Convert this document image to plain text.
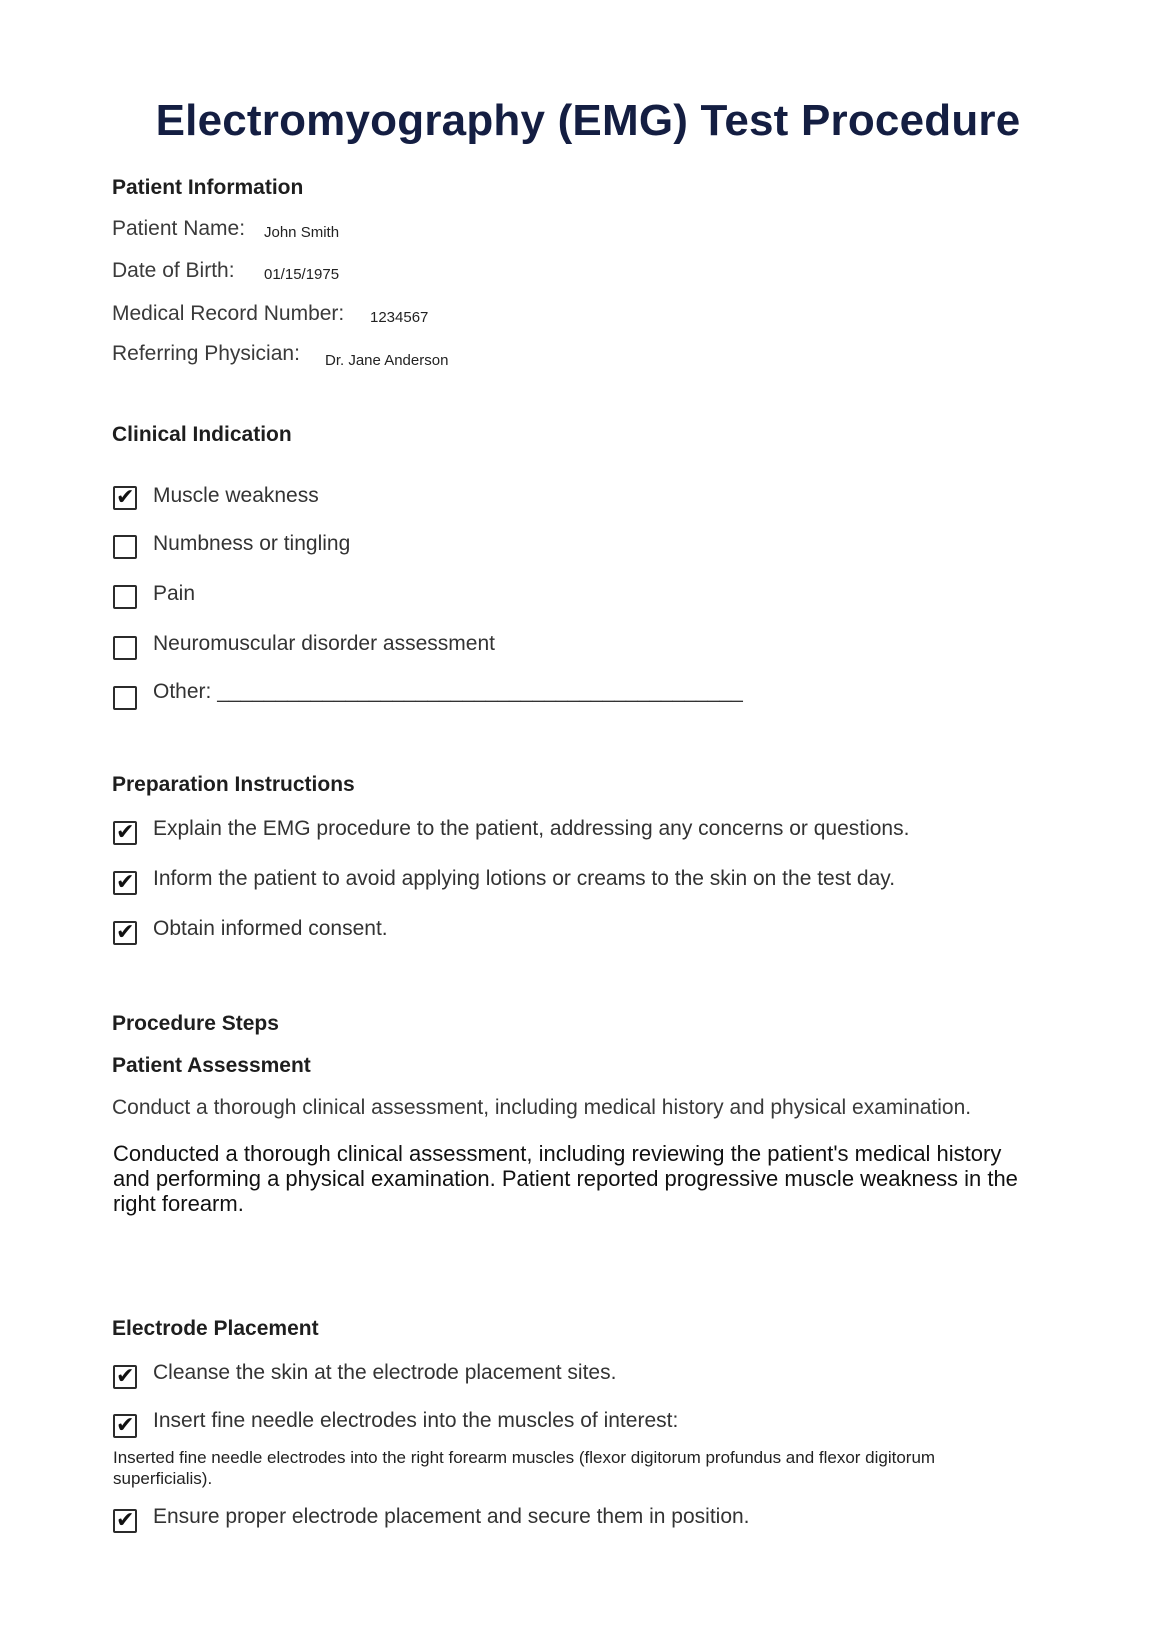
Electromyography (EMG) Test Procedure
Patient Information
Patient Name: John Smith
Date of Birth: 01/15/1975
Medical Record Number: 1234567
Referring Physician: Dr. Jane Anderson
Clinical Indication
✔ Muscle weakness
Numbness or tingling
Pain
Neuromuscular disorder assessment
Other: _____________________________________________
Preparation Instructions
✔ Explain the EMG procedure to the patient, addressing any concerns or questions.
✔ Inform the patient to avoid applying lotions or creams to the skin on the test day.
✔ Obtain informed consent.
Procedure Steps
Patient Assessment
Conduct a thorough clinical assessment, including medical history and physical examination.
Conducted a thorough clinical assessment, including reviewing the patient's medical history and performing a physical examination. Patient reported progressive muscle weakness in the right forearm.
Electrode Placement
✔ Cleanse the skin at the electrode placement sites.
✔ Insert fine needle electrodes into the muscles of interest:
Inserted fine needle electrodes into the right forearm muscles (flexor digitorum profundus and flexor digitorum superficialis).
✔ Ensure proper electrode placement and secure them in position.
